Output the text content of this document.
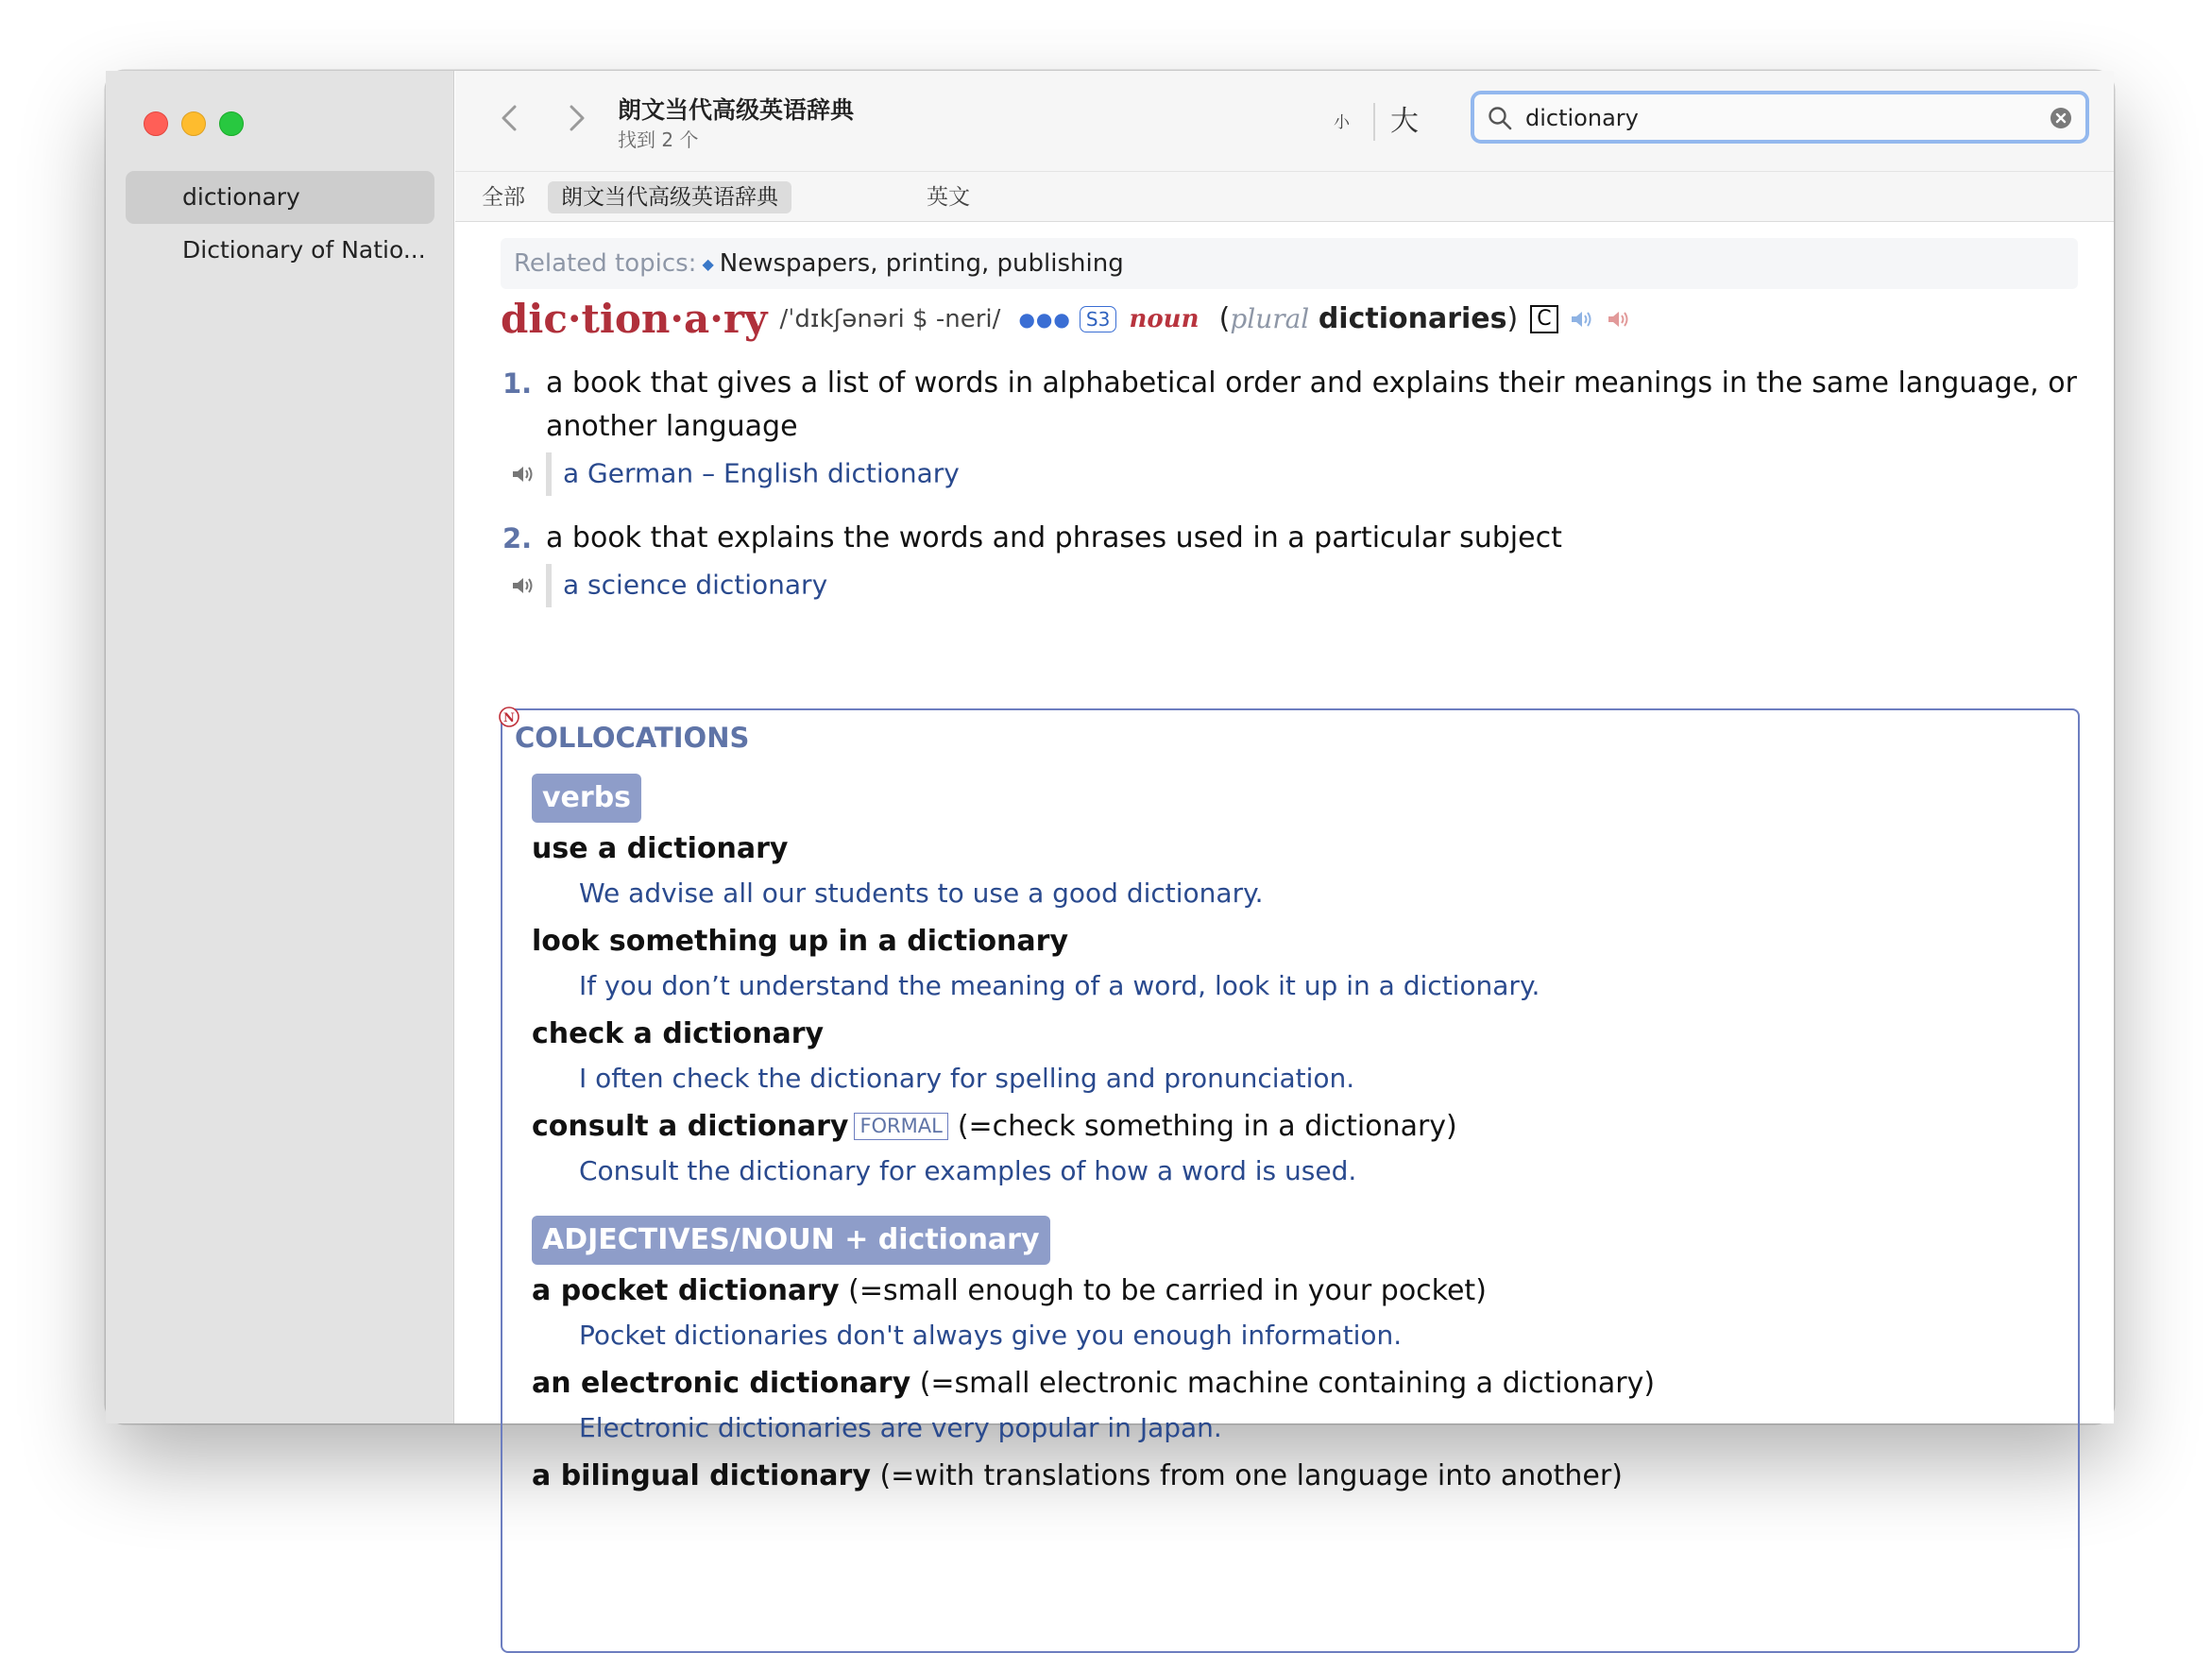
dictionary
Dictionary of Natio...
朗文当代高级英语辞典
找到 2 个
小 大
dictionary
全部	朗文当代高级英语辞典	英文
Related topics: ◆ Newspapers, printing, publishing
dic·tion·a·ry /ˈdɪkʃənəri $ -neri/ ●●● S3 noun (plural dictionaries) C
1. a book that gives a list of words in alphabetical order and explains their meanings in the same language, or another language
a German – English dictionary
2. a book that explains the words and phrases used in a particular subject
a science dictionary
N
COLLOCATIONS
verbs
use a dictionary
We advise all our students to use a good dictionary.
look something up in a dictionary
If you don’t understand the meaning of a word, look it up in a dictionary.
check a dictionary
I often check the dictionary for spelling and pronunciation.
consult a dictionary FORMAL (=check something in a dictionary)
Consult the dictionary for examples of how a word is used.
ADJECTIVES/NOUN + dictionary
a pocket dictionary (=small enough to be carried in your pocket)
Pocket dictionaries don't always give you enough information.
an electronic dictionary (=small electronic machine containing a dictionary)
Electronic dictionaries are very popular in Japan.
a bilingual dictionary (=with translations from one language into another)
